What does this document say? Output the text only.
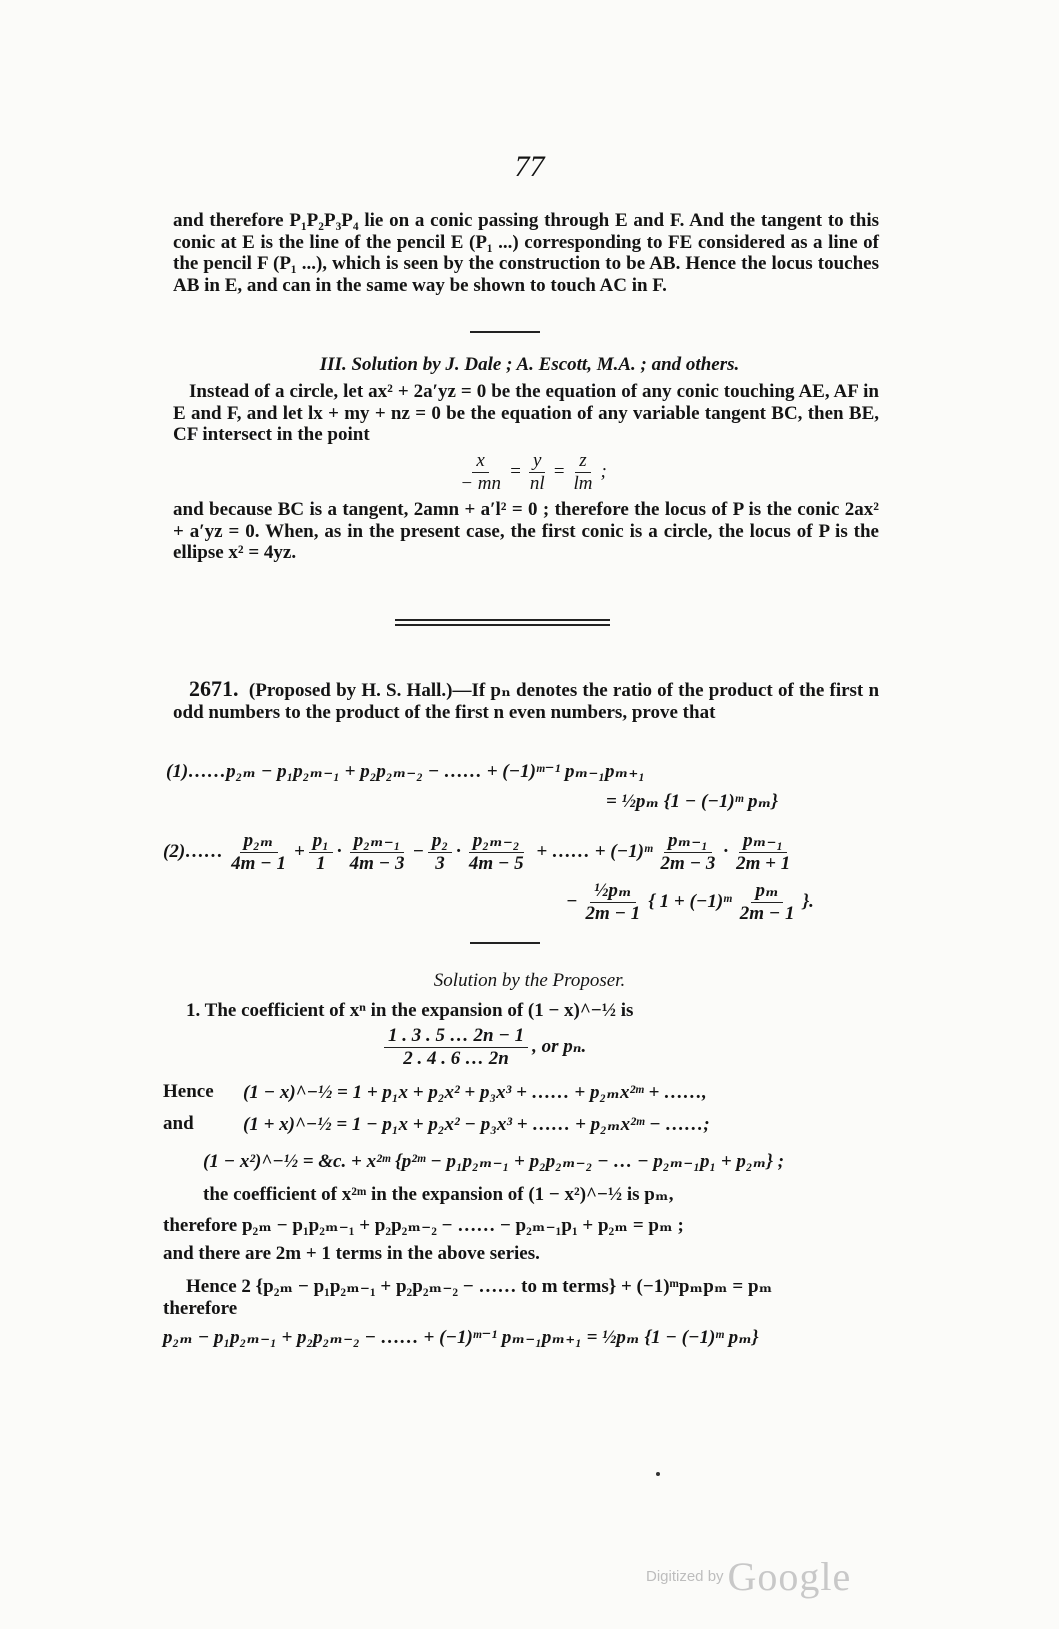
77
and therefore P₁P₂P₃P₄ lie on a conic passing through E and F. And the tangent to this conic at E is the line of the pencil E (P₁ ...) corresponding to FE considered as a line of the pencil F (P₁ ...), which is seen by the construction to be AB. Hence the locus touches AB in E, and can in the same way be shown to touch AC in F.
III. Solution by J. Dale ; A. Escott, M.A. ; and others.
Instead of a circle, let ax² + 2a′yz = 0 be the equation of any conic touching AE, AF in E and F, and let lx + my + nz = 0 be the equation of any variable tangent BC, then BE, CF intersect in the point
$\frac{x}{- mn} = \frac{y}{nl} = \frac{z}{lm}$ ;
and because BC is a tangent, 2amn + a′l² = 0 ; therefore the locus of P is the conic 2ax² + a′yz = 0. When, as in the present case, the first conic is a circle, the locus of P is the ellipse x² = 4yz.
2671. (Proposed by H. S. Hall.)—If pₙ denotes the ratio of the product of the first n odd numbers to the product of the first n even numbers, prove that
(1)……p₂ₘ − p₁p₂ₘ₋₁ + p₂p₂ₘ₋₂ − …… + (−1)ᵐ⁻¹ pₘ₋₁pₘ₊₁
= ½pₘ {1 − (−1)ᵐ pₘ}
(2)…… $\frac{\text{p₂ₘ}}{4m - 1} + \frac{\text{p₁}}{1} \cdot \frac{\text{p₂ₘ₋₁}}{4m - 3} - \frac{\text{p₂}}{3} \cdot \frac{\text{p₂ₘ₋₂}}{4m - 5}$ + …… + (−1)ᵐ $\frac{\text{pₘ₋₁}}{2m - 3} \cdot \frac{\text{pₘ₋₁}}{2m + 1}$
− $\frac{\text{½pₘ}}{2m - 1}$ { 1 + (−1)ᵐ $\frac{\text{pₘ}}{2m - 1}$ }.
Solution by the Proposer.
1. The coefficient of xⁿ in the expansion of (1 − x)^−½ is
$\frac{1 . 3 . 5 \dots 2n - 1}{2 . 4 . 6 \dots 2n}$ , or pₙ.
Hence (1 − x)^−½ = 1 + p₁x + p₂x² + p₃x³ + …… + p₂ₘx²ᵐ + ……,
and	(1 + x)^−½ = 1 − p₁x + p₂x² − p₃x³ + …… + p₂ₘx²ᵐ − ……;
(1 − x²)^−½ = &c. + x²ᵐ {p²ᵐ − p₁p₂ₘ₋₁ + p₂p₂ₘ₋₂ − … − p₂ₘ₋₁p₁ + p₂ₘ} ;
the coefficient of x²ᵐ in the expansion of (1 − x²)^−½ is pₘ,
therefore p₂ₘ − p₁p₂ₘ₋₁ + p₂p₂ₘ₋₂ − …… − p₂ₘ₋₁p₁ + p₂ₘ = pₘ ;
and there are 2m + 1 terms in the above series.
Hence 2 {p₂ₘ − p₁p₂ₘ₋₁ + p₂p₂ₘ₋₂ − …… to m terms} + (−1)ᵐpₘpₘ = pₘ
therefore
p₂ₘ − p₁p₂ₘ₋₁ + p₂p₂ₘ₋₂ − …… + (−1)ᵐ⁻¹ pₘ₋₁pₘ₊₁ = ½pₘ {1 − (−1)ᵐ pₘ}
Digitized by Google
